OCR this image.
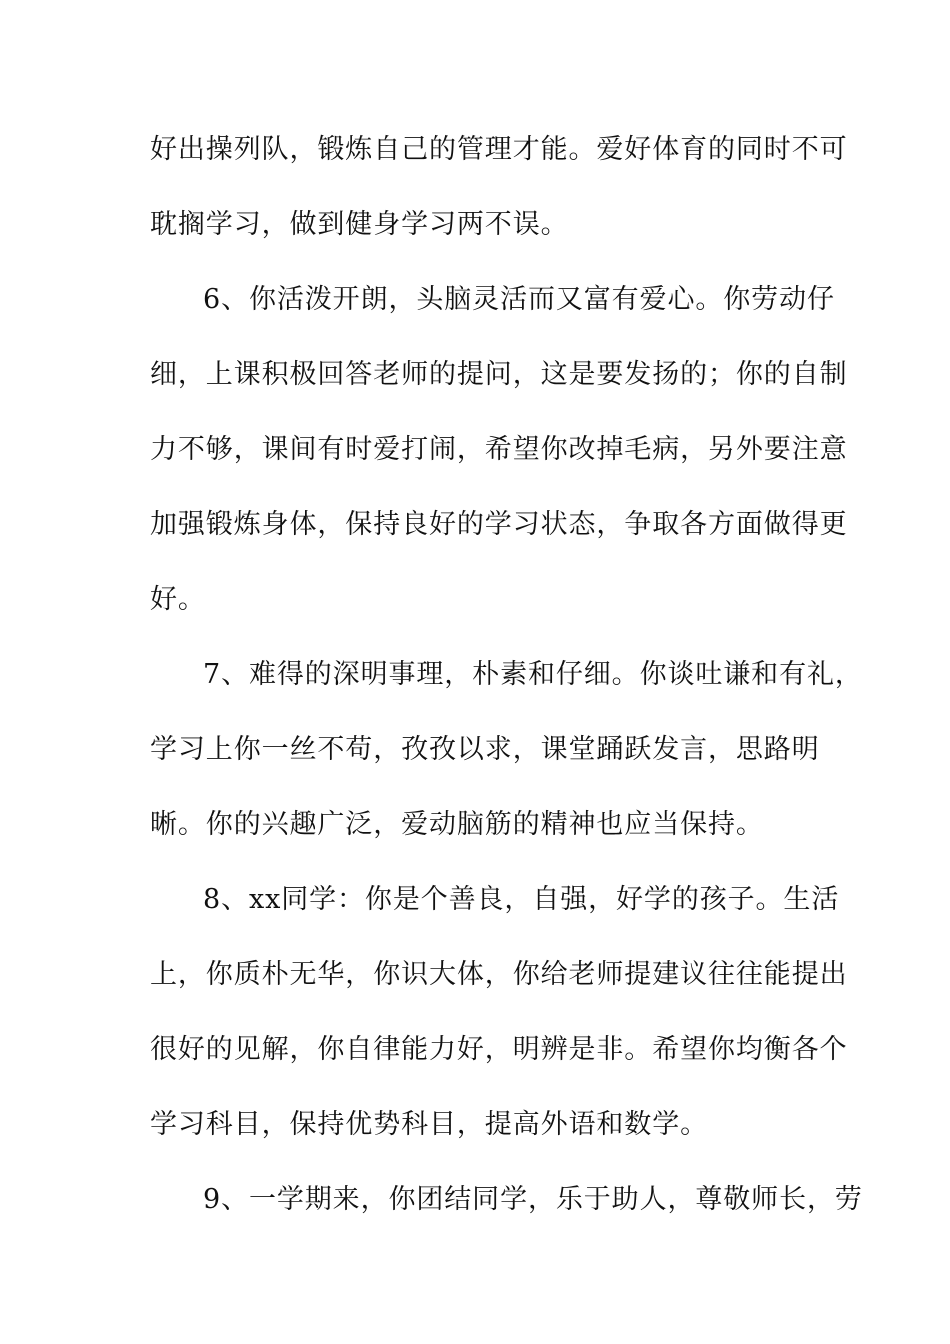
好出操列队，锻炼自己的管理才能。爱好体育的同时不可
耽搁学习，做到健身学习两不误。
6、你活泼开朗，头脑灵活而又富有爱心。你劳动仔
细，上课积极回答老师的提问，这是要发扬的；你的自制
力不够，课间有时爱打闹，希望你改掉毛病，另外要注意
加强锻炼身体，保持良好的学习状态，争取各方面做得更
好。
7、难得的深明事理，朴素和仔细。你谈吐谦和有礼，
学习上你一丝不苟，孜孜以求，课堂踊跃发言，思路明
晰。你的兴趣广泛，爱动脑筋的精神也应当保持。
8、xx同学：你是个善良，自强，好学的孩子。生活
上，你质朴无华，你识大体，你给老师提建议往往能提出
很好的见解，你自律能力好，明辨是非。希望你均衡各个
学习科目，保持优势科目，提高外语和数学。
9、一学期来，你团结同学，乐于助人，尊敬师长，劳
